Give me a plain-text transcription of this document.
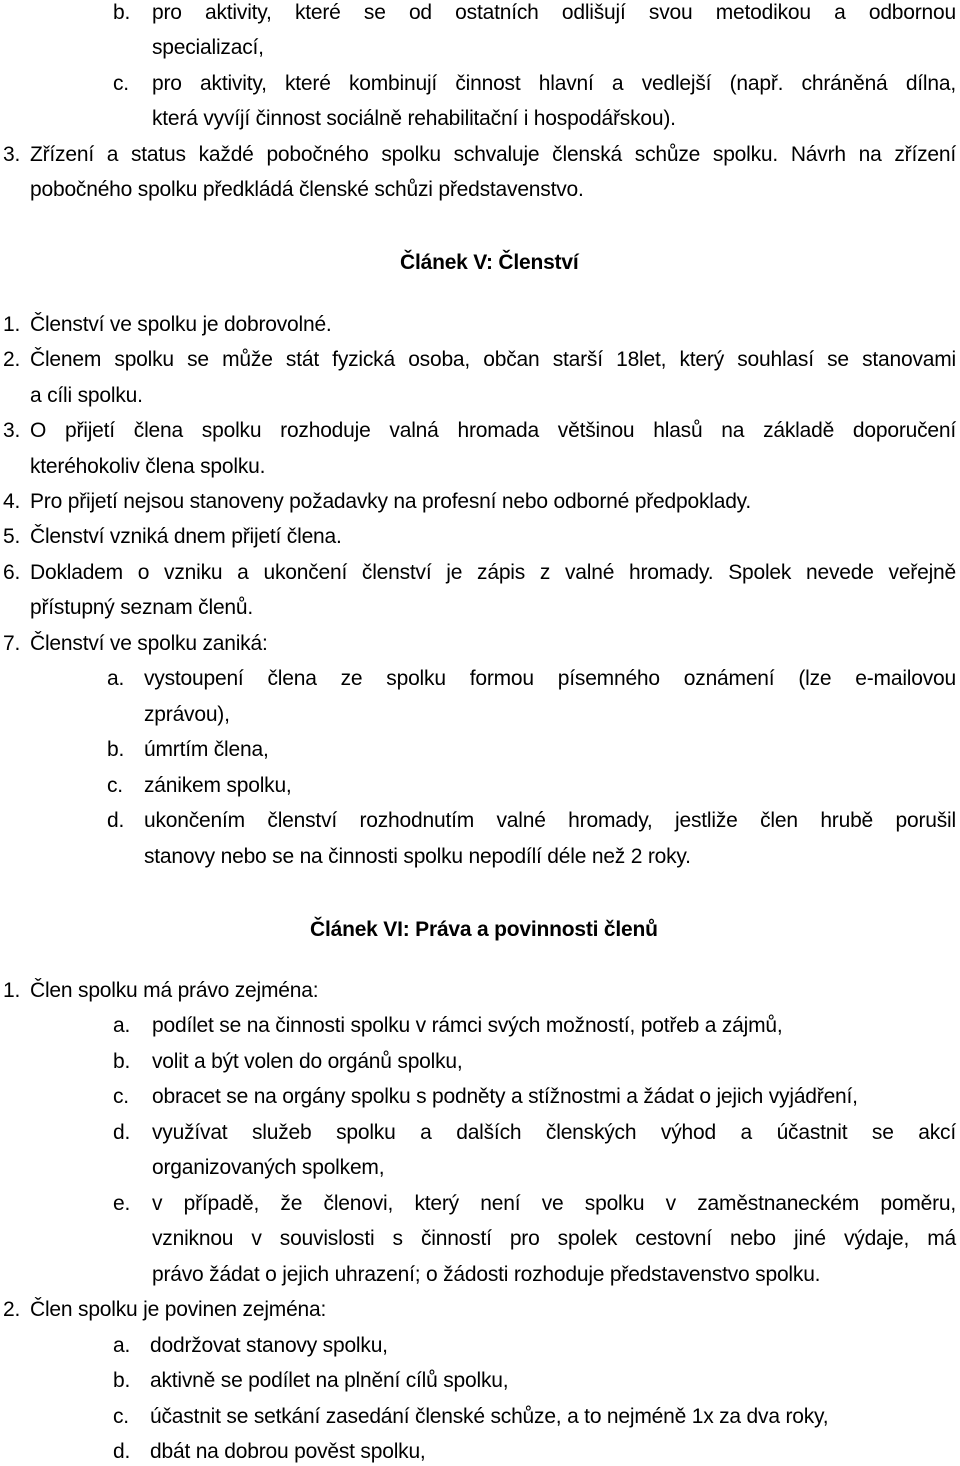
b. pro aktivity, které se od ostatních odlišují svou metodikou a odbornou
specializací,
c. pro aktivity, které kombinují činnost hlavní a vedlejší (např. chráněná dílna,
která vyvíjí činnost sociálně rehabilitační i hospodářskou).
3. Zřízení a status každé pobočného spolku schvaluje členská schůze spolku. Návrh na zřízení
pobočného spolku předkládá členské schůzi představenstvo.
Článek V: Členství
1. Členství ve spolku je dobrovolné.
2. Členem spolku se může stát fyzická osoba, občan starší 18let, který souhlasí se stanovami
a cíli spolku.
3. O přijetí člena spolku rozhoduje valná hromada většinou hlasů na základě doporučení
kteréhokoliv člena spolku.
4. Pro přijetí nejsou stanoveny požadavky na profesní nebo odborné předpoklady.
5. Členství vzniká dnem přijetí člena.
6. Dokladem o vzniku a ukončení členství je zápis z valné hromady. Spolek nevede veřejně
přístupný seznam členů.
7. Členství ve spolku zaniká:
a. vystoupení člena ze spolku formou písemného oznámení (lze e-mailovou
zprávou),
b. úmrtím člena,
c. zánikem spolku,
d. ukončením členství rozhodnutím valné hromady, jestliže člen hrubě porušil
stanovy nebo se na činnosti spolku nepodílí déle než 2 roky.
Článek VI: Práva a povinnosti členů
1. Člen spolku má právo zejména:
a. podílet se na činnosti spolku v rámci svých možností, potřeb a zájmů,
b. volit a být volen do orgánů spolku,
c. obracet se na orgány spolku s podněty a stížnostmi a žádat o jejich vyjádření,
d. využívat služeb spolku a dalších členských výhod a účastnit se akcí
organizovaných spolkem,
e. v případě, že členovi, který není ve spolku v zaměstnaneckém poměru,
vzniknou v souvislosti s činností pro spolek cestovní nebo jiné výdaje, má
právo žádat o jejich uhrazení; o žádosti rozhoduje představenstvo spolku.
2. Člen spolku je povinen zejména:
a. dodržovat stanovy spolku,
b. aktivně se podílet na plnění cílů spolku,
c. účastnit se setkání zasedání členské schůze, a to nejméně 1x za dva roky,
d. dbát na dobrou pověst spolku,
